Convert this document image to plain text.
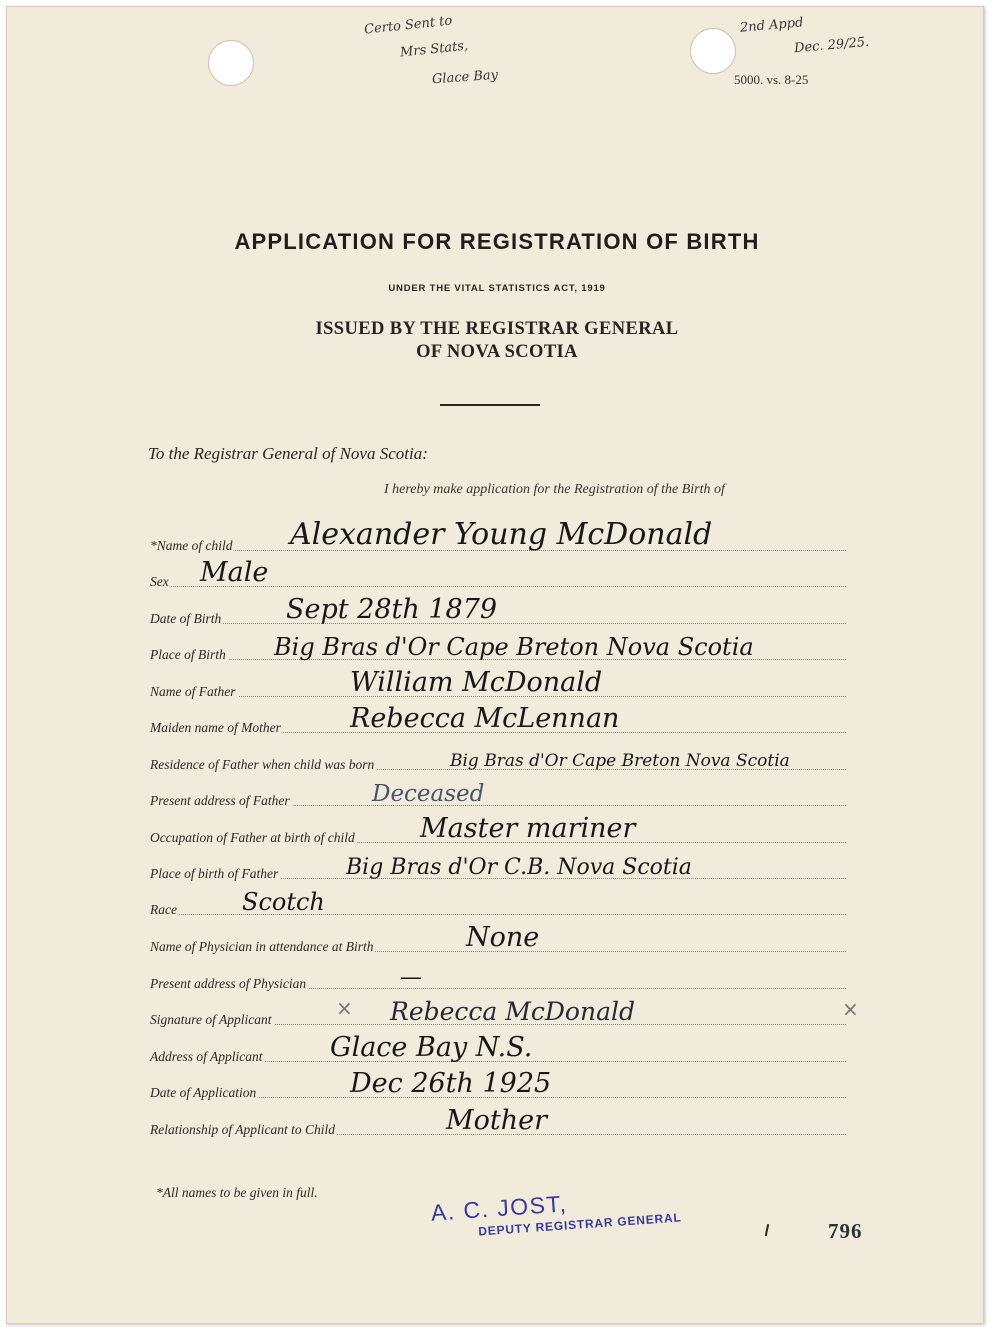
Certo Sent to
Mrs Stats,
Glace Bay
2nd Appd
Dec. 29/25.
5000. vs. 8-25
APPLICATION FOR REGISTRATION OF BIRTH
UNDER THE VITAL STATISTICS ACT, 1919
ISSUED BY THE REGISTRAR GENERAL
OF NOVA SCOTIA
To the Registrar General of Nova Scotia:
I hereby make application for the Registration of the Birth of
*Name of child Alexander Young McDonald
Sex Male
Date of Birth Sept 28th 1879
Place of Birth Big Bras d'Or Cape Breton Nova Scotia
Name of Father	William McDonald
Maiden name of Mother	Rebecca McLennan
Residence of Father when child was born	Big Bras d'Or Cape Breton Nova Scotia
Present address of Father	Deceased
Occupation of Father at birth of child Master mariner
Place of birth of Father	Big Bras d'Or C.B. Nova Scotia
Race	Scotch
Name of Physician in attendance at Birth	None
Present address of Physician	—
Signature of Applicant	Rebecca McDonald
Address of Applicant	Glace Bay N.S.
Date of Application	Dec 26th 1925
Relationship of Applicant to Child	Mother
×	×
*All names to be given in full.	A. C. JOST,
DEPUTY REGISTRAR GENERAL	796
